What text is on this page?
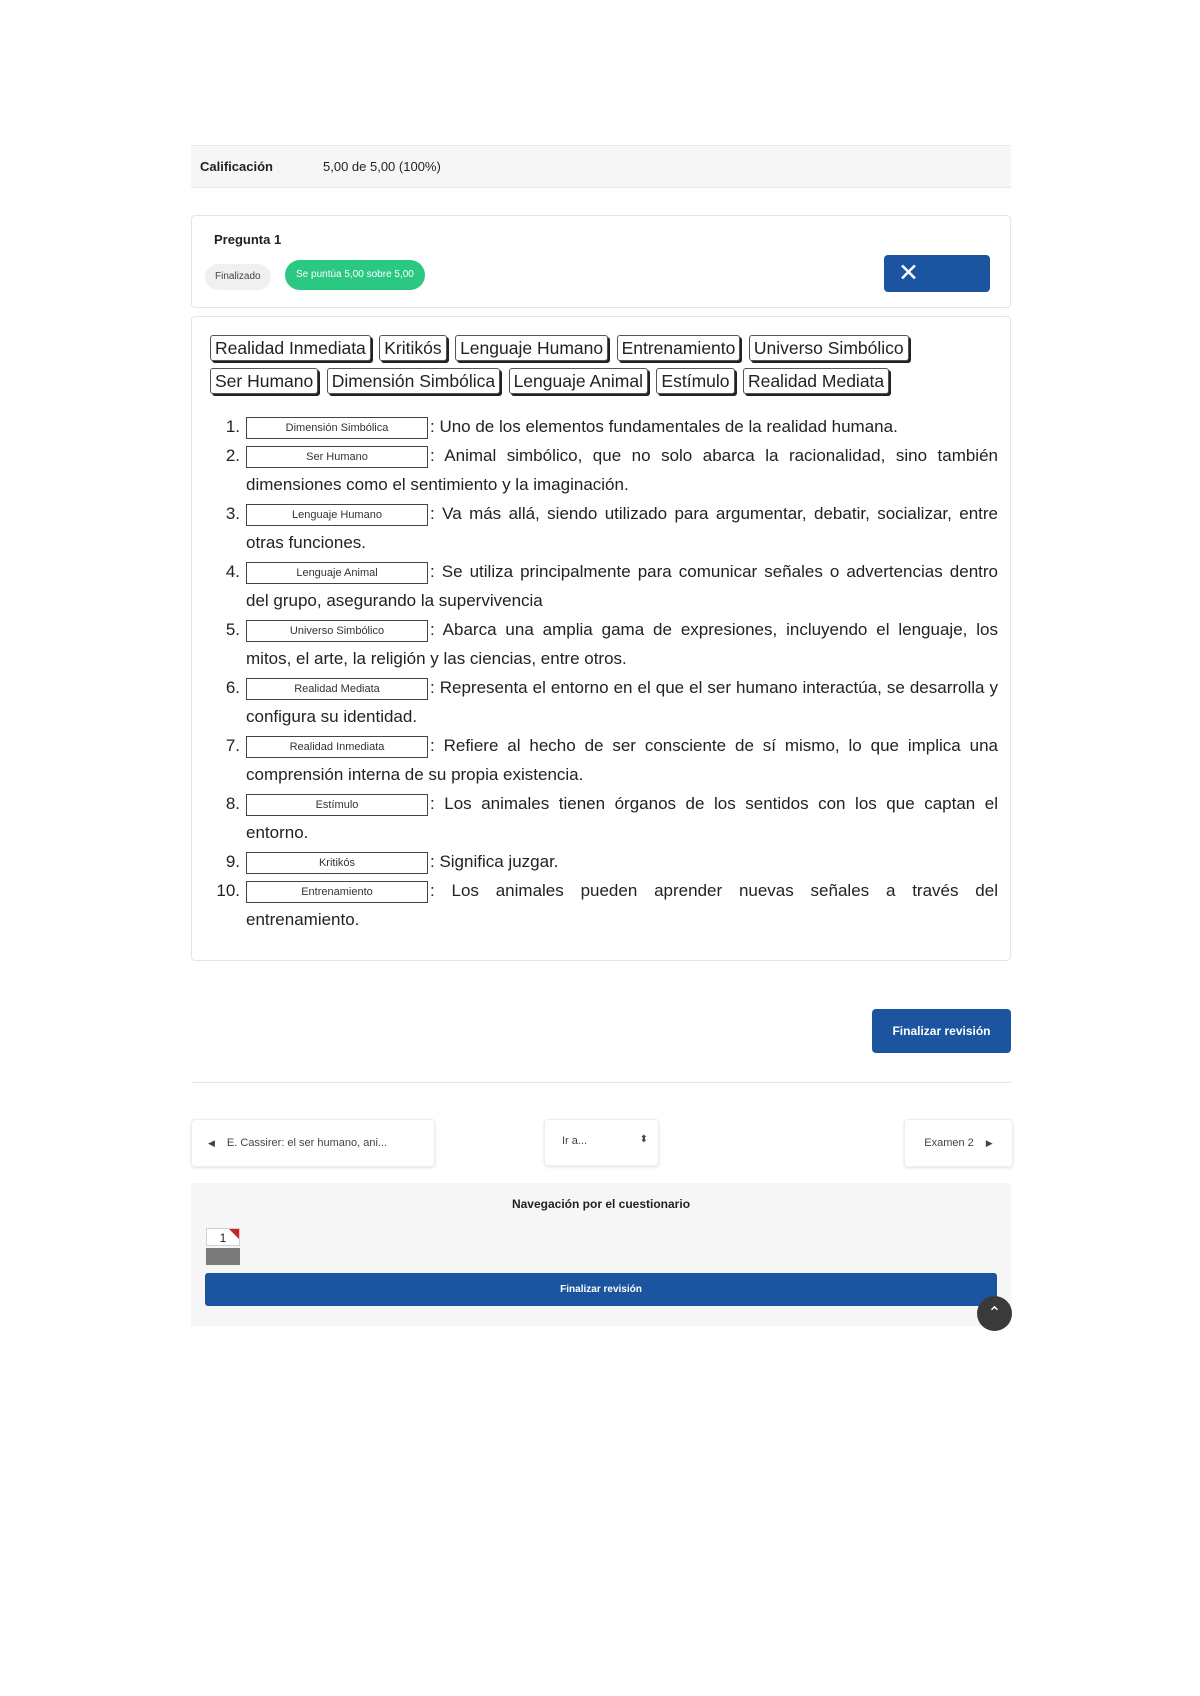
Calificación	5,00 de 5,00 (100%)
Pregunta 1
Finalizado	Se puntúa 5,00 sobre 5,00	✕
Realidad Inmediata Kritikós Lenguaje Humano Entrenamiento Universo Simbólico Ser Humano Dimensión Simbólica Lenguaje Animal Estímulo Realidad Mediata
1.	Dimensión Simbólica : Uno de los elementos fundamentales de la realidad humana.
2.	Ser Humano	: Animal simbólico, que no solo abarca la racionalidad, sino también dimensiones como el sentimiento y la imaginación.
3.	Lenguaje Humano	: Va más allá, siendo utilizado para argumentar, debatir, socializar, entre otras funciones.
4.	Lenguaje Animal	: Se utiliza principalmente para comunicar señales o advertencias dentro del grupo, asegurando la supervivencia
5.	Universo Simbólico	: Abarca una amplia gama de expresiones, incluyendo el lenguaje, los mitos, el arte, la religión y las ciencias, entre otros.
6.	Realidad Mediata	: Representa el entorno en el que el ser humano interactúa, se desarrolla y configura su identidad.
7.	Realidad Inmediata	: Refiere al hecho de ser consciente de sí mismo, lo que implica una comprensión interna de su propia existencia.
8.	Estímulo	: Los animales tienen órganos de los sentidos con los que captan el entorno.
9.	Kritikós	: Significa juzgar.
10.	Entrenamiento	: Los animales pueden aprender nuevas señales a través del entrenamiento.
Finalizar revisión
◀ E. Cassirer: el ser humano, ani...	Ir a...	⬍	Examen 2 ▶
Navegación por el cuestionario
1
Finalizar revisión
⌃
